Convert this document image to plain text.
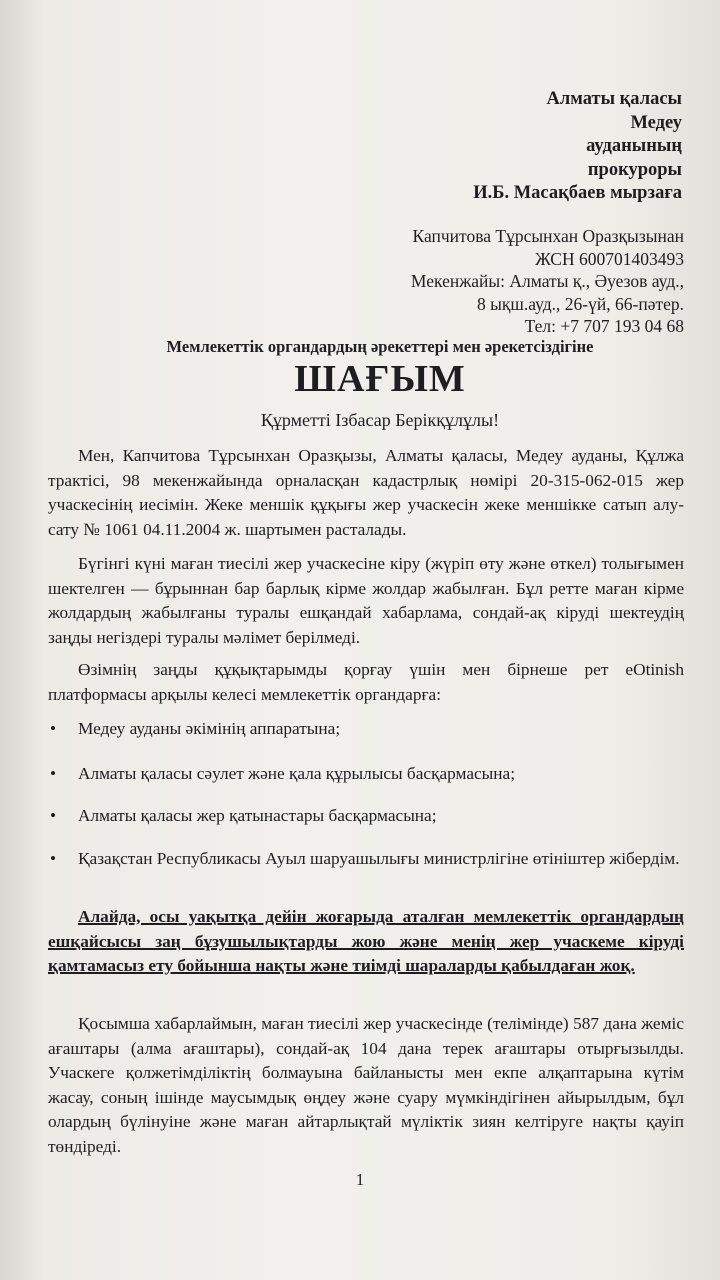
Алматы қаласы
Медеу
ауданының
прокуроры
И.Б. Масақбаев мырзаға
Капчитова Тұрсынхан Оразқызынан
ЖСН 600701403493
Мекенжайы: Алматы қ., Әуезов ауд.,
8 ықш.ауд., 26-үй, 66-пәтер.
Тел: +7 707 193 04 68
Мемлекеттік органдардың әрекеттері мен әрекетсіздігіне
ШАҒЫМ
Құрметті Ізбасар Берікқұлұлы!

Мен, Капчитова Тұрсынхан Оразқызы, Алматы қаласы, Медеу ауданы, Құлжа трактісі, 98 мекенжайында орналасқан кадастрлық нөмірі 20-315-062-015 жер учаскесінің иесімін. Жеке меншік құқығы жер учаскесін жеке меншікке сатып алу-сату № 1061 04.11.2004 ж. шартымен расталады.

Бүгінгі күні маған тиесілі жер учаскесіне кіру (жүріп өту және өткел) толығымен шектелген — бұрыннан бар барлық кірме жолдар жабылған. Бұл ретте маған кірме жолдардың жабылғаны туралы ешқандай хабарлама, сондай-ақ кіруді шектеудің заңды негіздері туралы мәлімет берілмеді.

Өзімнің заңды құқықтарымды қорғау үшін мен бірнеше рет eOtinish платформасы арқылы келесі мемлекеттік органдарға:

• Медеу ауданы әкімінің аппаратына;
• Алматы қаласы сәулет және қала құрылысы басқармасына;
• Алматы қаласы жер қатынастары басқармасына;
• Қазақстан Республикасы Ауыл шаруашылығы министрлігіне өтініштер жібердім.

Алайда, осы уақытқа дейін жоғарыда аталған мемлекеттік органдардың ешқайсысы заң бұзушылықтарды жою және менің жер учаскеме кіруді қамтамасыз ету бойынша нақты және тиімді шараларды қабылдаған жоқ.

Қосымша хабарлаймын, маған тиесілі жер учаскесінде (телімінде) 587 дана жеміс ағаштары (алма ағаштары), сондай-ақ 104 дана терек ағаштары отырғызылды. Учаскеге қолжетімділіктің болмауына байланысты мен екпе алқаптарына күтім жасау, соның ішінде маусымдық өңдеу және суару мүмкіндігінен айырылдым, бұл олардың бүлінуіне және маған айтарлықтай мүліктік зиян келтіруге нақты қауіп төндіреді.

1
